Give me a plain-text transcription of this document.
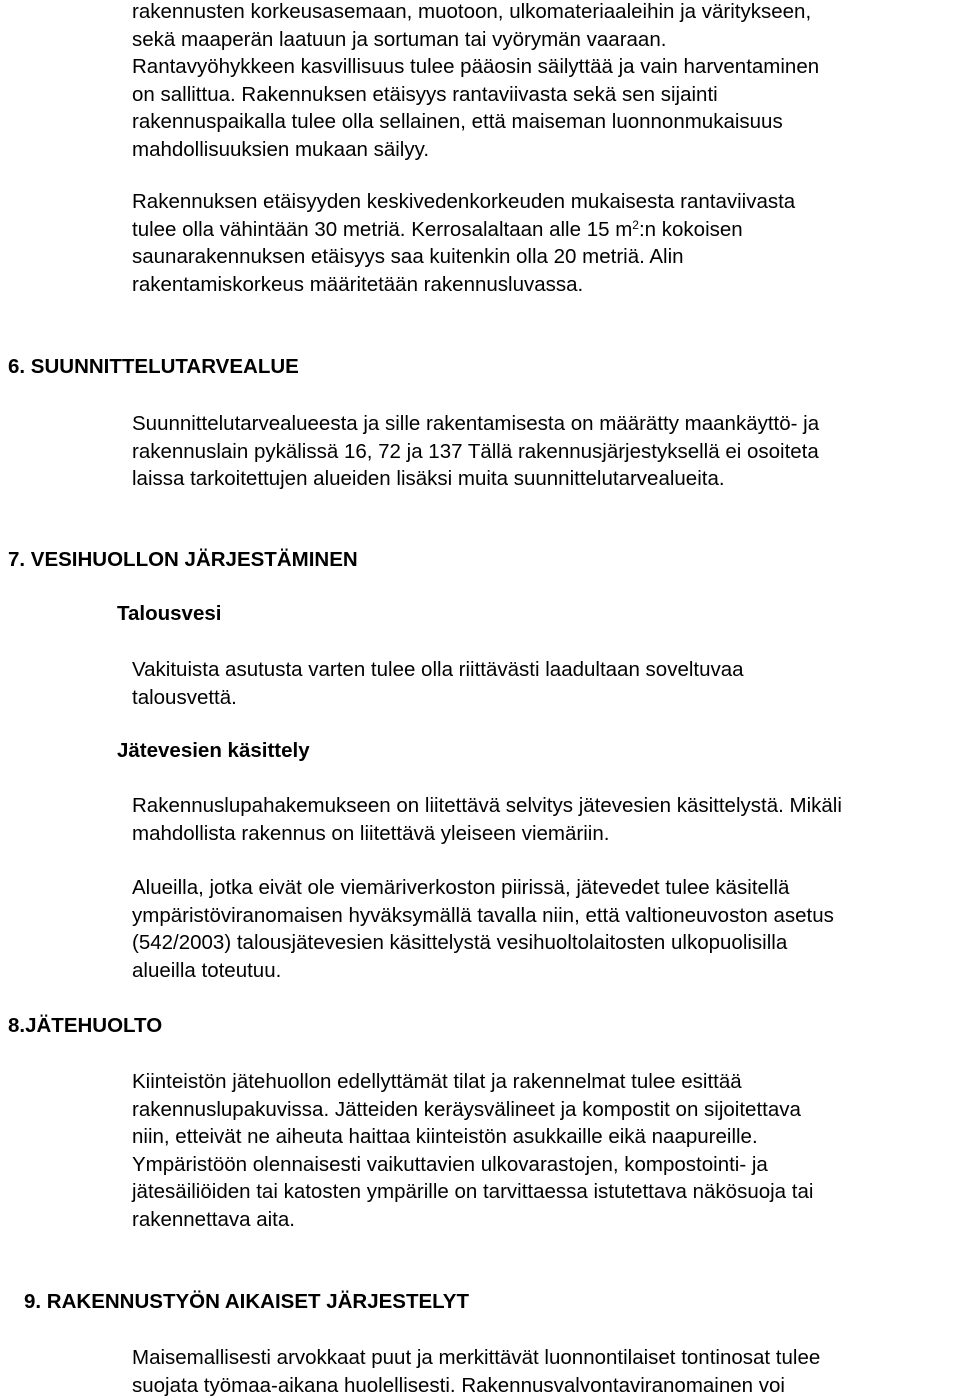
rakennusten korkeusasemaan, muotoon, ulkomateriaaleihin ja väritykseen,
sekä maaperän laatuun ja sortuman tai vyörymän vaaraan.
Rantavyöhykkeen kasvillisuus tulee pääosin säilyttää ja vain harventaminen
on sallittua. Rakennuksen etäisyys rantaviivasta sekä sen sijainti
rakennuspaikalla tulee olla sellainen, että maiseman luonnonmukaisuus
mahdollisuuksien mukaan säilyy.

Rakennuksen etäisyyden keskivedenkorkeuden mukaisesta rantaviivasta
tulee olla vähintään 30 metriä. Kerrosalaltaan alle 15 $m^2:n$ kokoisen
saunarakennuksen etäisyys saa kuitenkin olla 20 metriä. Alin
rakentamiskorkeus määritetään rakennusluvassa.

6. SUUNNITTELUTARVEALUE

Suunnittelutarvealueesta ja sille rakentamisesta on määrätty maankäyttö- ja
rakennuslain pykälissä 16, 72 ja 137 Tällä rakennusjärjestyksellä ei osoiteta
laissa tarkoitettujen alueiden lisäksi muita suunnittelutarvealueita.

7. VESIHUOLLON JÄRJESTÄMINEN
Talousvesi

Vakituista asutusta varten tulee olla riittävästi laadultaan soveltuvaa
talousvettä.

Jätevesien käsittely

Rakennuslupahakemukseen on liitettävä selvitys jätevesien käsittelystä. Mikäli
mahdollista rakennus on liitettävä yleiseen viemäriin.

Alueilla, jotka eivät ole viemäriverkoston piirissä, jätevedet tulee käsitellä
ympäristöviranomaisen hyväksymällä tavalla niin, että valtioneuvoston asetus
(542/2003) talousjätevesien käsittelystä vesihuoltolaitosten ulkopuolisilla
alueilla toteutuu.

8.JÄTEHUOLTO

Kiinteistön jätehuollon edellyttämät tilat ja rakennelmat tulee esittää
rakennuslupakuvissa. Jätteiden keräysvälineet ja kompostit on sijoitettava
niin, etteivät ne aiheuta haittaa kiinteistön asukkaille eikä naapureille.
Ympäristöön olennaisesti vaikuttavien ulkovarastojen, kompostointi- ja
jätesäiliöiden tai katosten ympärille on tarvittaessa istutettava näkösuoja tai
rakennettava aita.

9. RAKENNUSTYÖN AIKAISET JÄRJESTELYT

Maisemallisesti arvokkaat puut ja merkittävät luonnontilaiset tontinosat tulee
suojata työmaa-aikana huolellisesti. Rakennusvalvontaviranomainen voi
